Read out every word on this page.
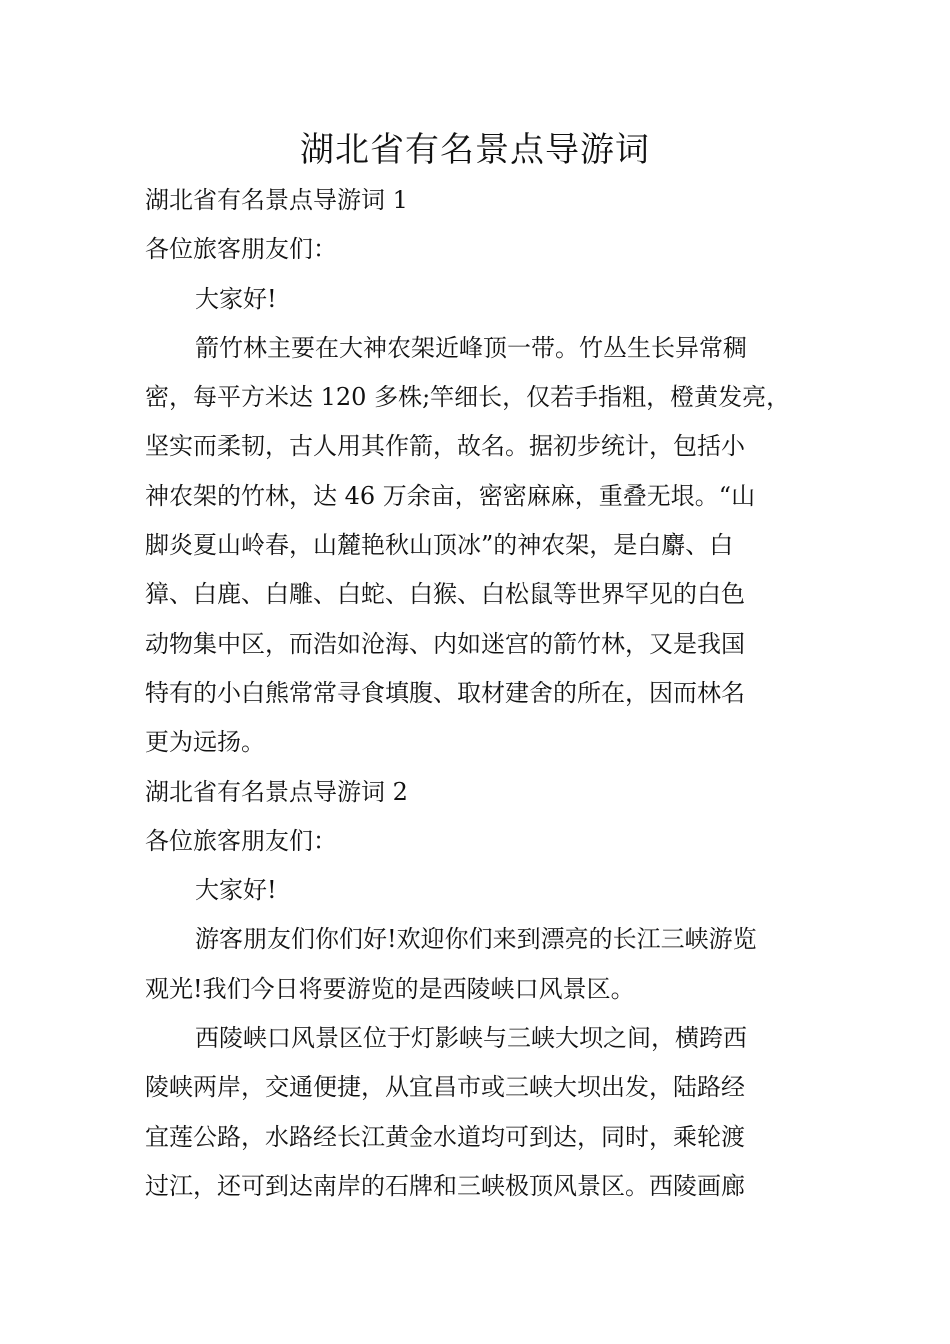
湖北省有名景点导游词

湖北省有名景点导游词 1

各位旅客朋友们：

大家好!

箭竹林主要在大神农架近峰顶一带。竹丛生长异常稠

密，每平方米达 120 多株;竿细长，仅若手指粗，橙黄发亮，

坚实而柔韧，古人用其作箭，故名。据初步统计，包括小

神农架的竹林，达 46 万余亩，密密麻麻，重叠无垠。“山

脚炎夏山岭春，山麓艳秋山顶冰”的神农架，是白麝、白

獐、白鹿、白雕、白蛇、白猴、白松鼠等世界罕见的白色

动物集中区，而浩如沧海、内如迷宫的箭竹林，又是我国

特有的小白熊常常寻食填腹、取材建舍的所在，因而林名

更为远扬。

湖北省有名景点导游词 2

各位旅客朋友们：

大家好!

游客朋友们你们好!欢迎你们来到漂亮的长江三峡游览

观光!我们今日将要游览的是西陵峡口风景区。

西陵峡口风景区位于灯影峡与三峡大坝之间，横跨西

陵峡两岸，交通便捷，从宜昌市或三峡大坝出发，陆路经

宜莲公路，水路经长江黄金水道均可到达，同时，乘轮渡

过江，还可到达南岸的石牌和三峡极顶风景区。西陵画廊
